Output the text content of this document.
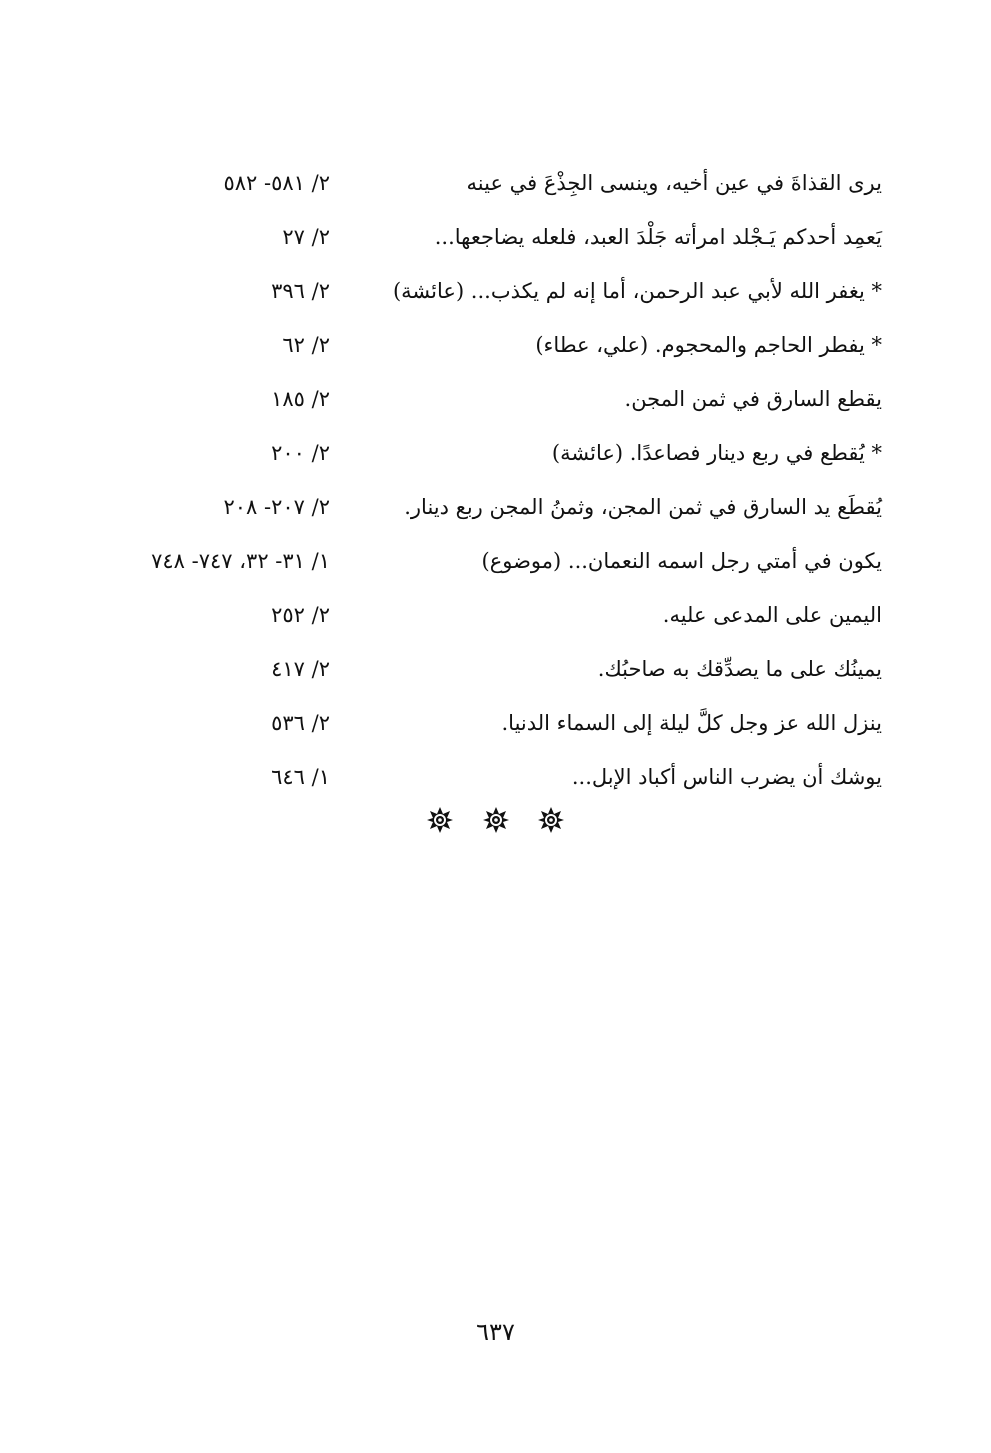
يرى القذاةَ في عين أخيه، وينسى الجِذْعَ في عينه
٢/ ٥٨١- ٥٨٢
يَعمِد أحدكم يَـجْلد امرأته جَلْدَ العبد، فلعله يضاجعها...
٢/ ٢٧
* يغفر الله لأبي عبد الرحمن، أما إنه لم يكذب... (عائشة)
٢/ ٣٩٦
* يفطر الحاجم والمحجوم. (علي، عطاء)
٢/ ٦٢
يقطع السارق في ثمن المجن.
٢/ ١٨٥
* يُقطع في ربع دينار فصاعدًا. (عائشة)
٢/ ٢٠٠
يُقطَع يد السارق في ثمن المجن، وثمنُ المجن ربع دينار.
٢/ ٢٠٧- ٢٠٨
يكون في أمتي رجل اسمه النعمان... (موضوع)
١/ ٣١- ٣٢، ٧٤٧- ٧٤٨
اليمين على المدعى عليه.
٢/ ٢٥٢
يمينُك على ما يصدِّقك به صاحبُك.
٢/ ٤١٧
ينزل الله عز وجل كلَّ ليلة إلى السماء الدنيا.
٢/ ٥٣٦
يوشك أن يضرب الناس أكباد الإبل...
١/ ٦٤٦

٦٣٧
